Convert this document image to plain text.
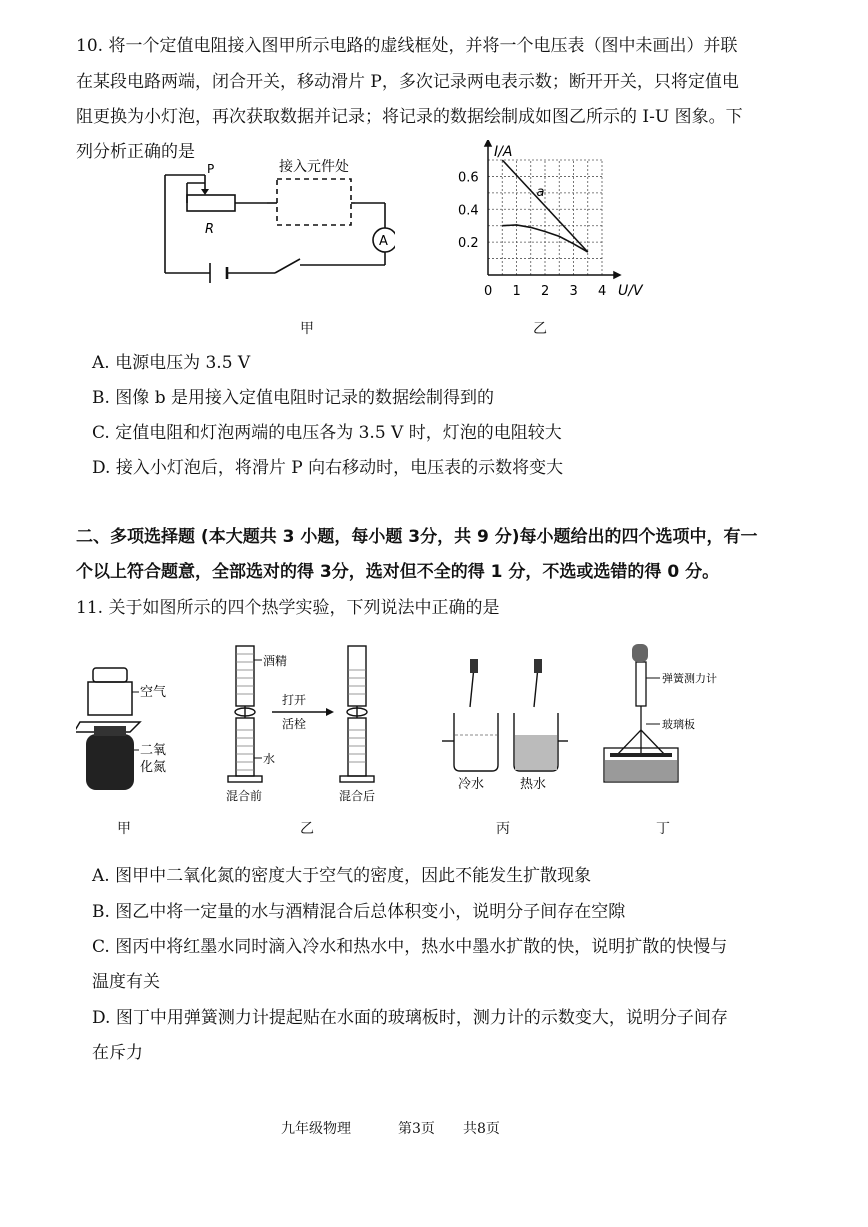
10. 将一个定值电阻接入图甲所示电路的虚线框处，并将一个电压表（图中未画出）并联
在某段电路两端，闭合开关，移动滑片 P，多次记录两电表示数；断开开关，只将定值电
阻更换为小灯泡，再次获取数据并记录；将记录的数据绘制成如图乙所示的 I-U 图象。下
列分析正确的是
P
R
A
接入元件处
甲
a
0 1 2 3 4
0.2
0.4
0.6
I/A
U/V
乙
A. 电源电压为 3.5 V
B. 图像 b 是用接入定值电阻时记录的数据绘制得到的
C. 定值电阻和灯泡两端的电压各为 3.5 V 时，灯泡的电阻较大
D. 接入小灯泡后，将滑片 P 向右移动时，电压表的示数将变大
二、多项选择题 (本大题共 3 小题，每小题 3分，共 9 分)每小题给出的四个选项中，有一
个以上符合题意，全部选对的得 3分，选对但不全的得 1 分，不选或选错的得 0 分。
11. 关于如图所示的四个热学实验，下列说法中正确的是
空气
二氧
化氮
甲
酒精
水
打开
活栓
混合前	混合后
乙
冷水	热水
丙
弹簧测力计
玻璃板
丁
A. 图甲中二氧化氮的密度大于空气的密度，因此不能发生扩散现象
B. 图乙中将一定量的水与酒精混合后总体积变小，说明分子间存在空隙
C. 图丙中将红墨水同时滴入冷水和热水中，热水中墨水扩散的快，说明扩散的快慢与
温度有关
D. 图丁中用弹簧测力计提起贴在水面的玻璃板时，测力计的示数变大，说明分子间存
在斥力
九年级物理	第3页 共8页
